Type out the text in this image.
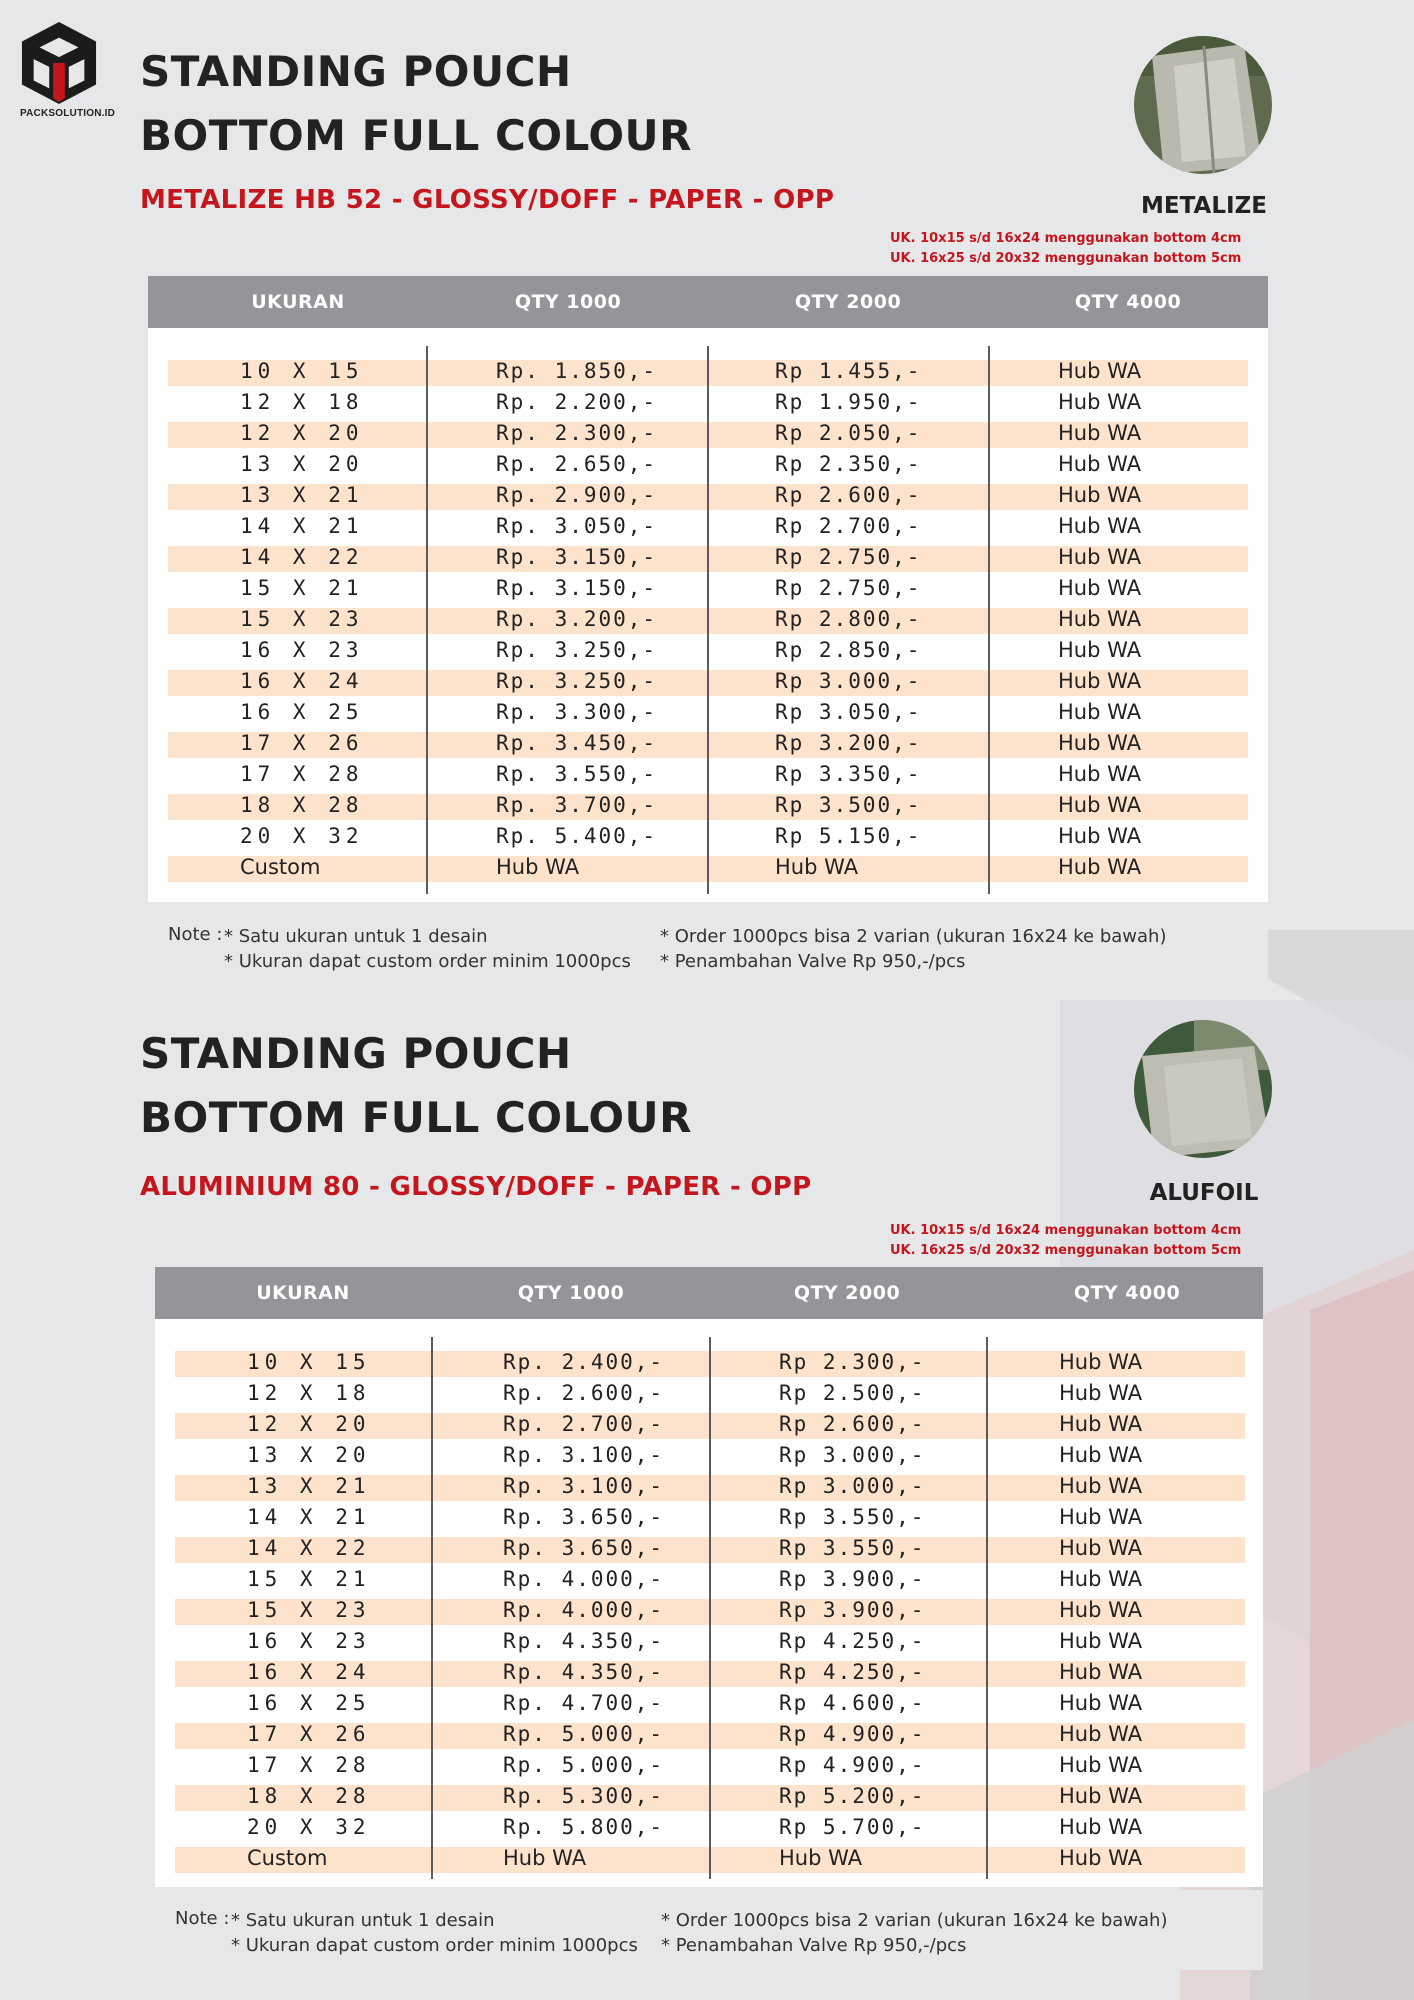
PACKSOLUTION.ID
STANDING POUCH
BOTTOM FULL COLOUR
METALIZE HB 52 - GLOSSY/DOFF - PAPER - OPP	METALIZE
UK. 10x15 s/d 16x24 menggunakan bottom 4cm
UK. 16x25 s/d 20x32 menggunakan bottom 5cm
UKURAN	QTY 1000	QTY 2000	QTY 4000
10 X 15	Rp. 1.850,-	Rp 1.455,-	Hub WA
12 X 18	Rp. 2.200,-	Rp 1.950,-	Hub WA
12 X 20	Rp. 2.300,-	Rp 2.050,-	Hub WA
13 X 20	Rp. 2.650,-	Rp 2.350,-	Hub WA
13 X 21	Rp. 2.900,-	Rp 2.600,-	Hub WA
14 X 21	Rp. 3.050,-	Rp 2.700,-	Hub WA
14 X 22	Rp. 3.150,-	Rp 2.750,-	Hub WA
15 X 21	Rp. 3.150,-	Rp 2.750,-	Hub WA
15 X 23	Rp. 3.200,-	Rp 2.800,-	Hub WA
16 X 23	Rp. 3.250,-	Rp 2.850,-	Hub WA
16 X 24	Rp. 3.250,-	Rp 3.000,-	Hub WA
16 X 25	Rp. 3.300,-	Rp 3.050,-	Hub WA
17 X 26	Rp. 3.450,-	Rp 3.200,-	Hub WA
17 X 28	Rp. 3.550,-	Rp 3.350,-	Hub WA
18 X 28	Rp. 3.700,-	Rp 3.500,-	Hub WA
20 X 32	Rp. 5.400,-	Rp 5.150,-	Hub WA
Custom	Hub WA	Hub WA	Hub WA
Note : * Satu ukuran untuk 1 desain
* Ukuran dapat custom order minim 1000pcs
* Order 1000pcs bisa 2 varian (ukuran 16x24 ke bawah)
* Penambahan Valve Rp 950,-/pcs
STANDING POUCH
BOTTOM FULL COLOUR
ALUMINIUM 80 - GLOSSY/DOFF - PAPER - OPP	ALUFOIL
UK. 10x15 s/d 16x24 menggunakan bottom 4cm
UK. 16x25 s/d 20x32 menggunakan bottom 5cm
UKURAN	QTY 1000	QTY 2000	QTY 4000
10 X 15	Rp. 2.400,-	Rp 2.300,-	Hub WA
12 X 18	Rp. 2.600,-	Rp 2.500,-	Hub WA
12 X 20	Rp. 2.700,-	Rp 2.600,-	Hub WA
13 X 20	Rp. 3.100,-	Rp 3.000,-	Hub WA
13 X 21	Rp. 3.100,-	Rp 3.000,-	Hub WA
14 X 21	Rp. 3.650,-	Rp 3.550,-	Hub WA
14 X 22	Rp. 3.650,-	Rp 3.550,-	Hub WA
15 X 21	Rp. 4.000,-	Rp 3.900,-	Hub WA
15 X 23	Rp. 4.000,-	Rp 3.900,-	Hub WA
16 X 23	Rp. 4.350,-	Rp 4.250,-	Hub WA
16 X 24	Rp. 4.350,-	Rp 4.250,-	Hub WA
16 X 25	Rp. 4.700,-	Rp 4.600,-	Hub WA
17 X 26	Rp. 5.000,-	Rp 4.900,-	Hub WA
17 X 28	Rp. 5.000,-	Rp 4.900,-	Hub WA
18 X 28	Rp. 5.300,-	Rp 5.200,-	Hub WA
20 X 32	Rp. 5.800,-	Rp 5.700,-	Hub WA
Custom	Hub WA	Hub WA	Hub WA
Note : * Satu ukuran untuk 1 desain
* Ukuran dapat custom order minim 1000pcs
* Order 1000pcs bisa 2 varian (ukuran 16x24 ke bawah)
* Penambahan Valve Rp 950,-/pcs
